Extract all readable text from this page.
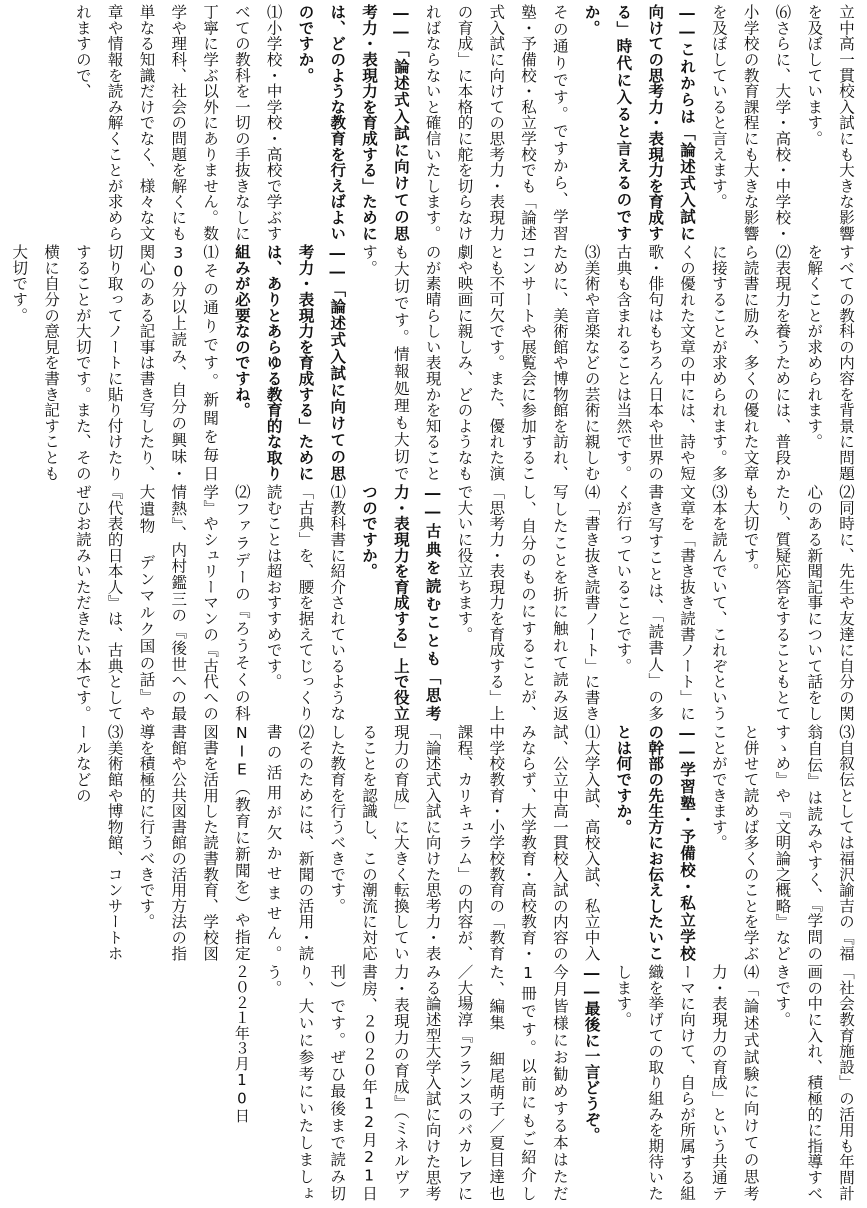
立中高一貫校入試にも大きな影響を及ぼしています。
⑹さらに、大学・高校・中学校・小学校の教育課程にも大きな影響を及ぼしていると言えます。
――これからは「論述式入試に向けての思考力・表現力を育成する」時代に入ると言えるのですか。
その通りです。ですから、学習塾・予備校・私立学校でも「論述式入試に向けての思考力・表現力の育成」に本格的に舵を切らなければならないと確信いたします。
――「論述式入試に向けての思考力・表現力を育成する」ためには、どのような教育を行えばよいのですか。
⑴小学校・中学校・高校で学ぶすべての教科を一切の手抜きなしに丁寧に学ぶ以外にありません。数学や理科、社会の問題を解くにも単なる知識だけでなく、様々な文章や情報を読み解くことが求められますので、
すべての教科の内容を背景に問題を解くことが求められます。
⑵表現力を養うためには、普段から読書に励み、多くの優れた文章に接することが求められます。多くの優れた文章の中には、詩や短歌・俳句はもちろん日本や世界の古典も含まれることは当然です。
⑶美術や音楽などの芸術に親しむために、美術館や博物館を訪れ、コンサートや展覧会に参加することも不可欠です。また、優れた演劇や映画に親しみ、どのようなものが素晴らしい表現かを知ることも大切です。情報処理も大切です。
――「論述式入試に向けての思考力・表現力を育成する」ためには、ありとあらゆる教育的な取り組みが必要なのですね。
⑴その通りです。新聞を毎日30分以上読み、自分の興味・関心のある記事は書き写したり、切り取ってノートに貼り付けたりすることが大切です。また、その横に自分の意見を書き記すことも大切です。
⑵同時に、先生や友達に自分の関心のある新聞記事について話をしたり、質疑応答をすることもとても大切です。
⑶本を読んでいて、これぞという文章を「書き抜き読書ノート」に書き写すことは、「読書人」の多くが行っていることです。
⑷「書き抜き読書ノート」に書き写したことを折に触れて読み返し、自分のものにすることが、「思考力・表現力を育成する」上で大いに役立ちます。
――古典を読むことも「思考力・表現力を育成する」上で役立つのですか。
⑴教科書に紹介されているような「古典」を、腰を据えてじっくり読むことは超おすすめです。
⑵ファラデーの『ろうそくの科学』やシュリーマンの『古代への情熱』、内村鑑三の『後世への最大遺物 デンマルク国の話』や『代表的日本人』は、古典としてぜひお読みいただきたい本です。
⑶自叙伝としては福沢諭吉の『福翁自伝』は読みやすく、『学問のすゝめ』や『文明論之概略』などと併せて読めば多くのことを学ぶことができます。
――学習塾・予備校・私立学校の幹部の先生方にお伝えしたいことは何ですか。
⑴大学入試、高校入試、私立中入試、公立中高一貫校入試の内容のみならず、大学教育・高校教育・中学校教育・小学校教育の「教育課程、カリキュラム」の内容が、「論述式入試に向けた思考力・表現力の育成」に大きく転換していることを認識し、この潮流に対応した教育を行うべきです。
⑵そのためには、新聞の活用・読書の活用が欠かせません。NIE（教育に新聞を）や指定図書を活用した読書教育、学校図書館や公共図書館の活用方法の指導を積極的に行うべきです。
⑶美術館や博物館、コンサートホールなどの
「社会教育施設」の活用も年間計画の中に入れ、積極的に指導すべきです。
⑷「論述式試験に向けての思考力・表現力の育成」という共通テーマに向けて、自らが所属する組織を挙げての取り組みを期待いたします。
――最後に一言どうぞ。
今月皆様にお勧めする本はただ1冊です。以前にもご紹介した、編集 細尾萌子／夏目達也／大場淳『フランスのバカレアにみる論述型大学入試に向けた思考力・表現力の育成』（ミネルヴァ書房、２０２０年12月21日刊）です。ぜひ最後まで読み切り、大いに参考にいたしましょう。
２０２１年３月10日
